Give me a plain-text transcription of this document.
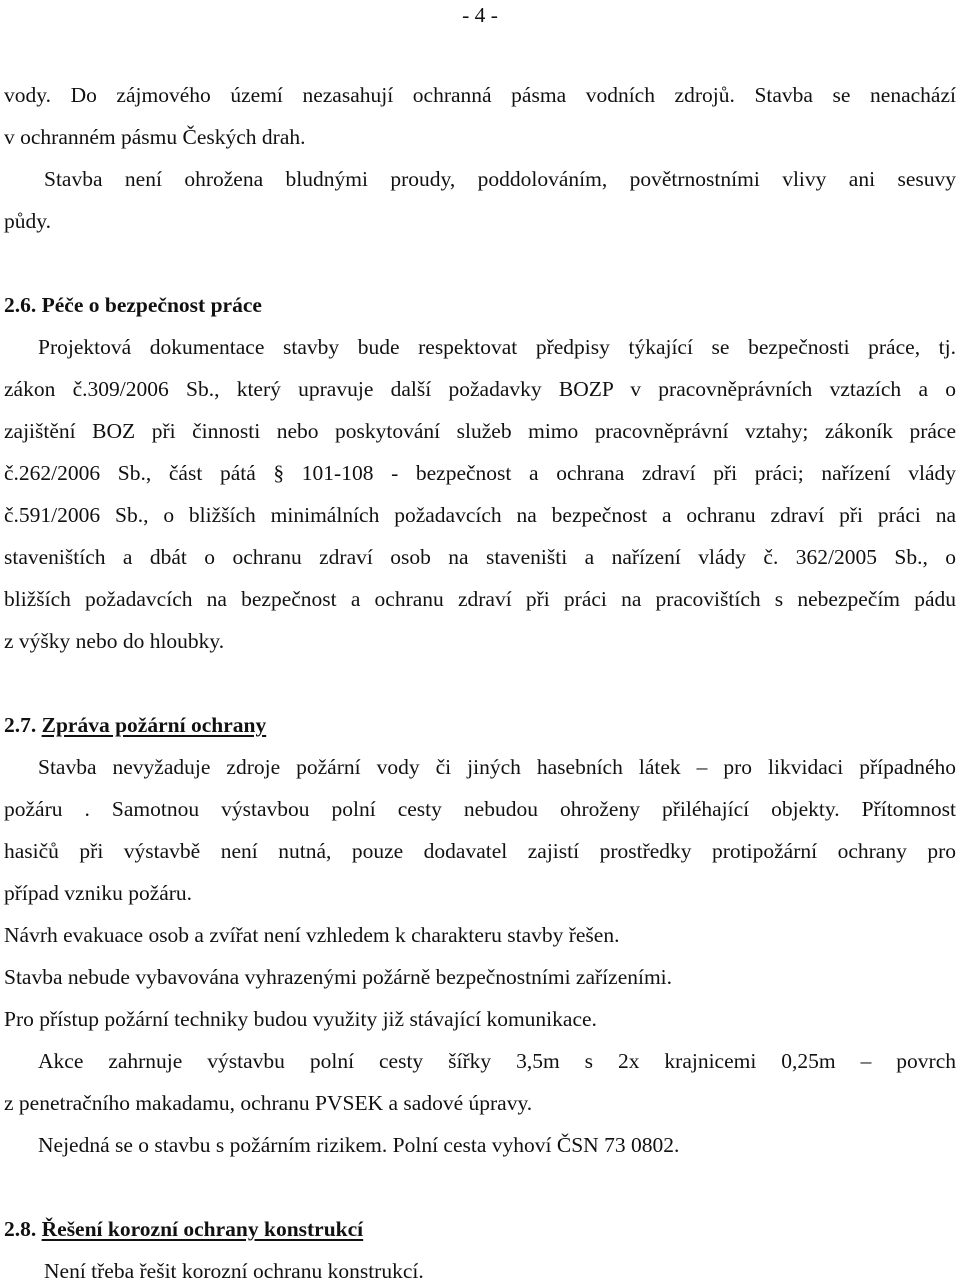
- 4 -
vody. Do zájmového území nezasahují ochranná pásma vodních zdrojů. Stavba se nenachází
v ochranném pásmu Českých drah.
Stavba není ohrožena bludnými proudy, poddolováním, povětrnostními vlivy ani sesuvy
půdy.
2.6. Péče o bezpečnost práce
Projektová dokumentace stavby bude respektovat předpisy týkající se bezpečnosti práce, tj.
zákon č.309/2006 Sb., který upravuje další požadavky BOZP v pracovněprávních vztazích a o
zajištění BOZ při činnosti nebo poskytování služeb mimo pracovněprávní vztahy; zákoník práce
č.262/2006 Sb., část pátá § 101-108 - bezpečnost a ochrana zdraví při práci; nařízení vlády
č.591/2006 Sb., o bližších minimálních požadavcích na bezpečnost a ochranu zdraví při práci na
staveništích a dbát o ochranu zdraví osob na staveništi a nařízení vlády č. 362/2005 Sb., o
bližších požadavcích na bezpečnost a ochranu zdraví při práci na pracovištích s nebezpečím pádu
z výšky nebo do hloubky.
2.7. Zpráva požární ochrany
Stavba nevyžaduje zdroje požární vody či jiných hasebních látek – pro likvidaci případného
požáru . Samotnou výstavbou polní cesty nebudou ohroženy přiléhající objekty. Přítomnost
hasičů při výstavbě není nutná, pouze dodavatel zajistí prostředky protipožární ochrany pro
případ vzniku požáru.
Návrh evakuace osob a zvířat není vzhledem k charakteru stavby řešen.
Stavba nebude vybavována vyhrazenými požárně bezpečnostními zařízeními.
Pro přístup požární techniky budou využity již stávající komunikace.
Akce zahrnuje výstavbu polní cesty šířky 3,5m s 2x krajnicemi 0,25m – povrch
z penetračního makadamu, ochranu PVSEK a sadové úpravy.
Nejedná se o stavbu s požárním rizikem. Polní cesta vyhoví ČSN 73 0802.
2.8. Řešení korozní ochrany konstrukcí
Není třeba řešit korozní ochranu konstrukcí.
